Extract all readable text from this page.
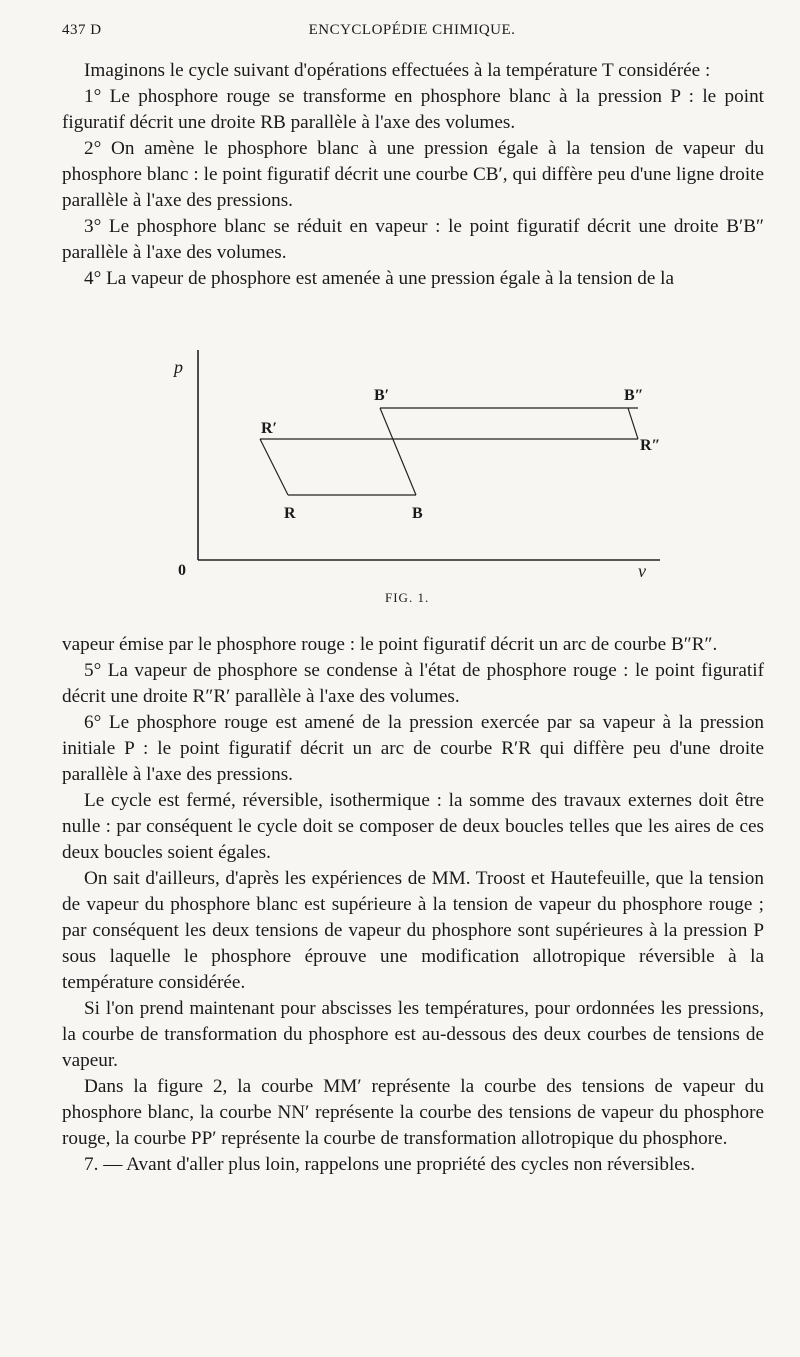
437 D	ENCYCLOPÉDIE CHIMIQUE.

Imaginons le cycle suivant d'opérations effectuées à la température T considérée :

1° Le phosphore rouge se transforme en phosphore blanc à la pression P : le point figuratif décrit une droite RB parallèle à l'axe des volumes.

2° On amène le phosphore blanc à une pression égale à la tension de vapeur du phosphore blanc : le point figuratif décrit une courbe CB′, qui diffère peu d'une ligne droite parallèle à l'axe des pressions.

3° Le phosphore blanc se réduit en vapeur : le point figuratif décrit une droite B′B″ parallèle à l'axe des volumes.

4° La vapeur de phosphore est amenée à une pression égale à la tension de la

p
v
0
B′	B″
R′
R″
R	B
FIG. 1.

vapeur émise par le phosphore rouge : le point figuratif décrit un arc de courbe B″R″.

5° La vapeur de phosphore se condense à l'état de phosphore rouge : le point figuratif décrit une droite R″R′ parallèle à l'axe des volumes.

6° Le phosphore rouge est amené de la pression exercée par sa vapeur à la pression initiale P : le point figuratif décrit un arc de courbe R′R qui diffère peu d'une droite parallèle à l'axe des pressions.

Le cycle est fermé, réversible, isothermique : la somme des travaux externes doit être nulle : par conséquent le cycle doit se composer de deux boucles telles que les aires de ces deux boucles soient égales.

On sait d'ailleurs, d'après les expériences de MM. Troost et Hautefeuille, que la tension de vapeur du phosphore blanc est supérieure à la tension de vapeur du phosphore rouge ; par conséquent les deux tensions de vapeur du phosphore sont supérieures à la pression P sous laquelle le phosphore éprouve une modification allotropique réversible à la température considérée.

Si l'on prend maintenant pour abscisses les températures, pour ordonnées les pressions, la courbe de transformation du phosphore est au-dessous des deux courbes de tensions de vapeur.

Dans la figure 2, la courbe MM′ représente la courbe des tensions de vapeur du phosphore blanc, la courbe NN′ représente la courbe des tensions de vapeur du phosphore rouge, la courbe PP′ représente la courbe de transformation allotropique du phosphore.

7. — Avant d'aller plus loin, rappelons une propriété des cycles non réversibles.
